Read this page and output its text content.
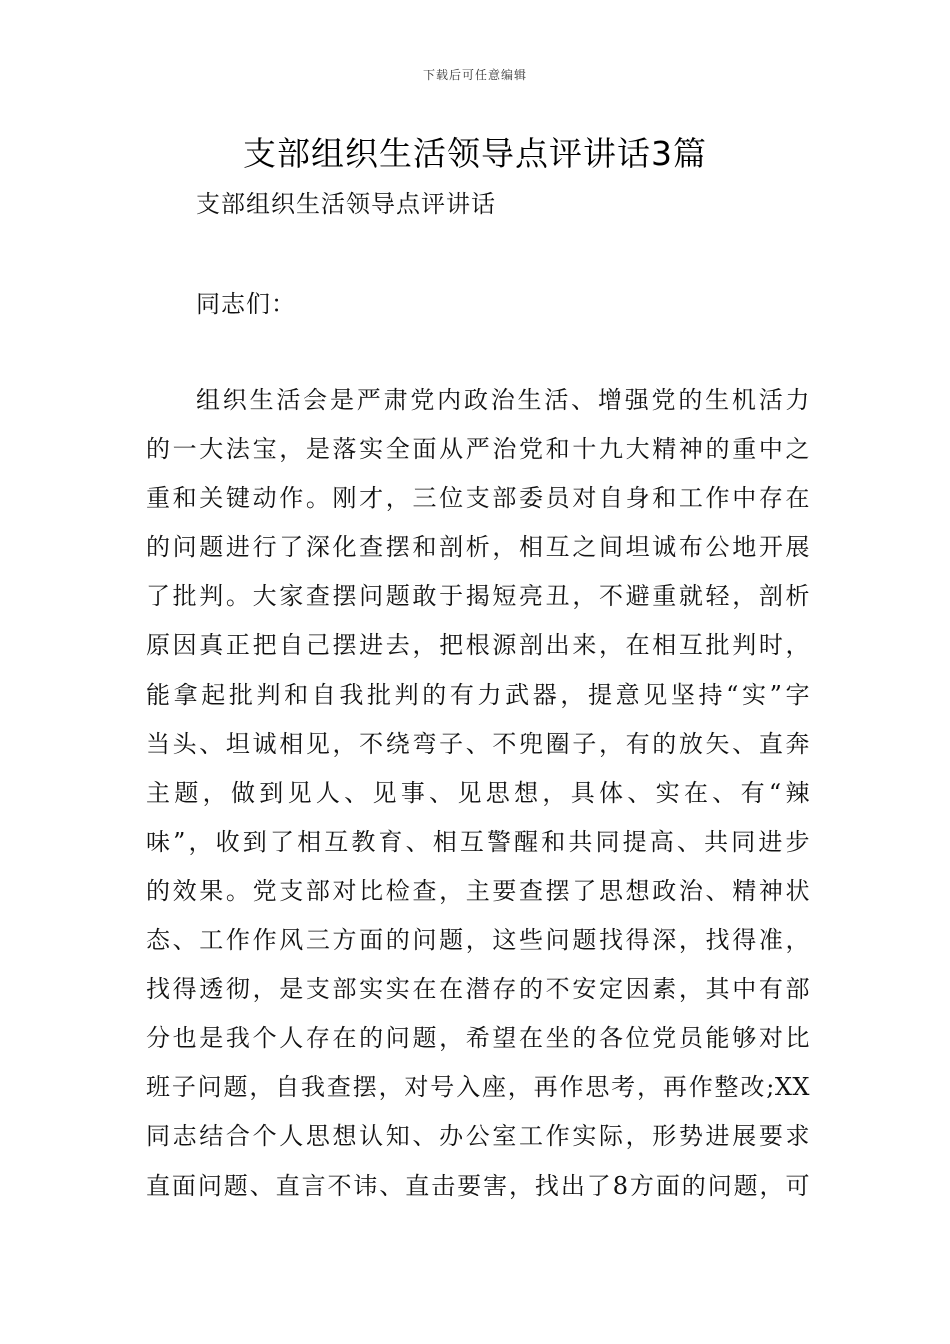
下载后可任意编辑
支部组织生活领导点评讲话3篇
支部组织生活领导点评讲话
同志们：
组织生活会是严肃党内政治生活、增强党的生机活力
的一大法宝，是落实全面从严治党和十九大精神的重中之
重和关键动作。刚才，三位支部委员对自身和工作中存在
的问题进行了深化查摆和剖析，相互之间坦诚布公地开展
了批判。大家查摆问题敢于揭短亮丑，不避重就轻，剖析
原因真正把自己摆进去，把根源剖出来，在相互批判时，
能拿起批判和自我批判的有力武器，提意见坚持“实”字
当头、坦诚相见，不绕弯子、不兜圈子，有的放矢、直奔
主题，做到见人、见事、见思想，具体、实在、有“辣
味”，收到了相互教育、相互警醒和共同提高、共同进步
的效果。党支部对比检查，主要查摆了思想政治、精神状
态、工作作风三方面的问题，这些问题找得深，找得准，
找得透彻，是支部实实在在潜存的不安定因素，其中有部
分也是我个人存在的问题，希望在坐的各位党员能够对比
班子问题，自我查摆，对号入座，再作思考，再作整改;XX
同志结合个人思想认知、办公室工作实际，形势进展要求
直面问题、直言不讳、直击要害，找出了8方面的问题，可
